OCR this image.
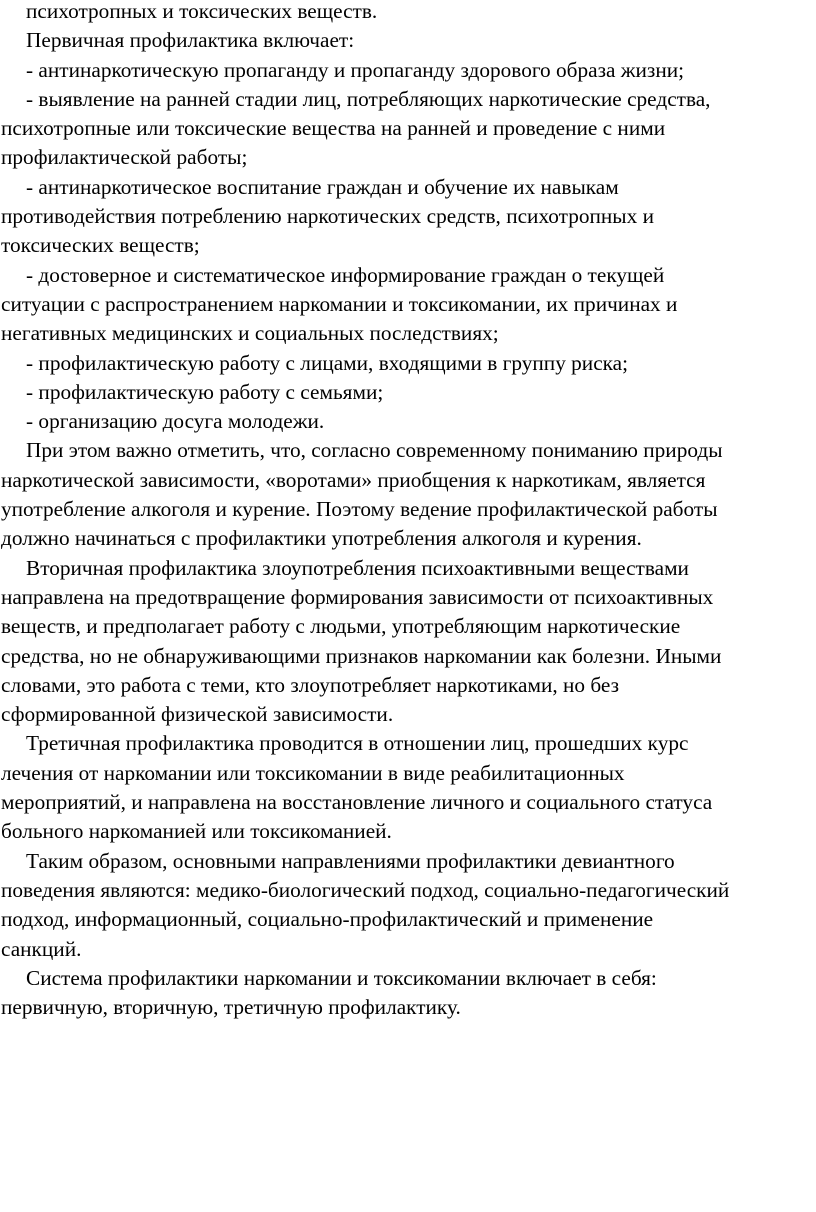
психотропных и токсических веществ.
Первичная профилактика включает:
- антинаркотическую пропаганду и пропаганду здорового образа жизни;
- выявление на ранней стадии лиц, потребляющих наркотические средства,
психотропные или токсические вещества на ранней и проведение с ними
профилактической работы;
- антинаркотическое воспитание граждан и обучение их навыкам
противодействия потреблению наркотических средств, психотропных и
токсических веществ;
- достоверное и систематическое информирование граждан о текущей
ситуации с распространением наркомании и токсикомании, их причинах и
негативных медицинских и социальных последствиях;
- профилактическую работу с лицами, входящими в группу риска;
- профилактическую работу с семьями;
- организацию досуга молодежи.
При этом важно отметить, что, согласно современному пониманию природы
наркотической зависимости, «воротами» приобщения к наркотикам, является
употребление алкоголя и курение. Поэтому ведение профилактической работы
должно начинаться с профилактики употребления алкоголя и курения.
Вторичная профилактика злоупотребления психоактивными веществами
направлена на предотвращение формирования зависимости от психоактивных
веществ, и предполагает работу с людьми, употребляющим наркотические
средства, но не обнаруживающими признаков наркомании как болезни. Иными
словами, это работа с теми, кто злоупотребляет наркотиками, но без
сформированной физической зависимости.
Третичная профилактика проводится в отношении лиц, прошедших курс
лечения от наркомании или токсикомании в виде реабилитационных
мероприятий, и направлена на восстановление личного и социального статуса
больного наркоманией или токсикоманией.
Таким образом, основными направлениями профилактики девиантного
поведения являются: медико-биологический подход, социально-педагогический
подход, информационный, социально-профилактический и применение
санкций.
Система профилактики наркомании и токсикомании включает в себя:
первичную, вторичную, третичную профилактику.
